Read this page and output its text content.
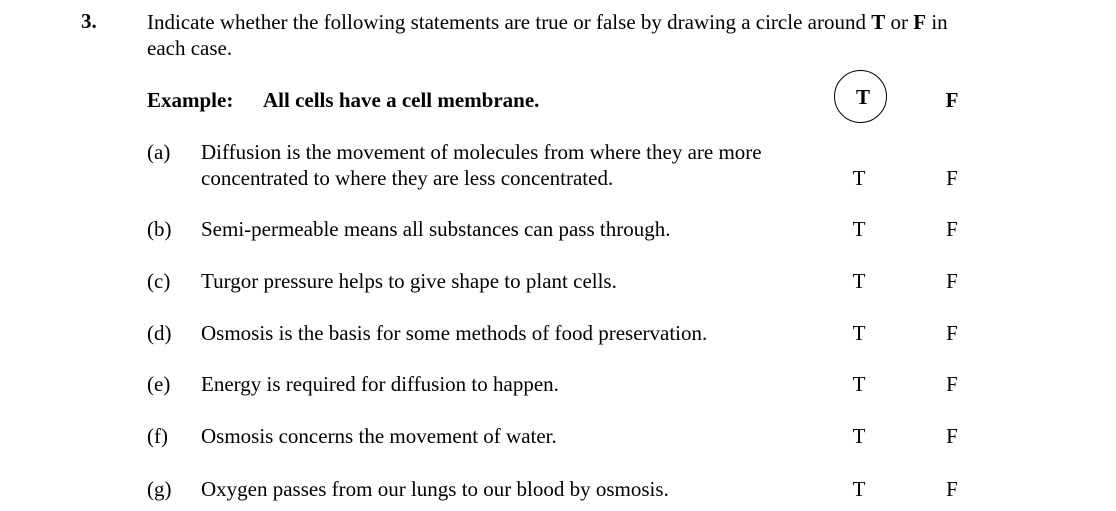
3. Indicate whether the following statements are true or false by drawing a circle around T or F in
each case.
Example: All cells have a cell membrane.	T	F
(a) Diffusion is the movement of molecules from where they are more
concentrated to where they are less concentrated.	T	F
(b) Semi-permeable means all substances can pass through.	T	F
(c) Turgor pressure helps to give shape to plant cells.	T	F
(d) Osmosis is the basis for some methods of food preservation.	T	F
(e) Energy is required for diffusion to happen.	T	F
(f) Osmosis concerns the movement of water.	T	F
(g) Oxygen passes from our lungs to our blood by osmosis.	T	F
